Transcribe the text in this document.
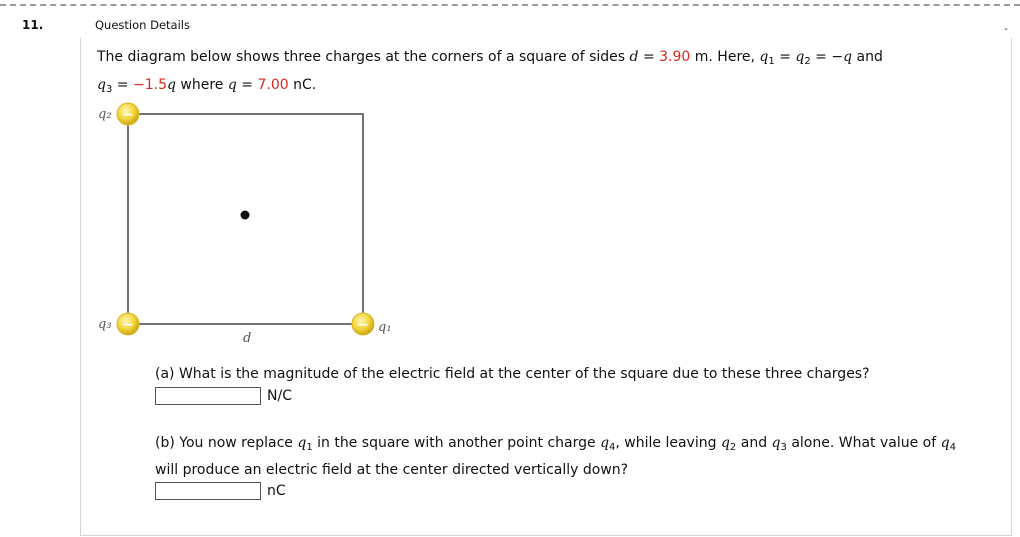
11.	Question Details	-
The diagram below shows three charges at the corners of a square of sides d = 3.90 m. Here, $q_1 = q_2 = -q$ and
$q_3 = -1.5q$ where q = 7.00 nC.
−
−	−
q₂
q₃	q₁
d
(a) What is the magnitude of the electric field at the center of the square due to these three charges?
N/C
(b) You now replace $q_1$ in the square with another point charge $q_4$, while leaving $q_2$ and $q_3$ alone. What value of $q_4$
will produce an electric field at the center directed vertically down?
nC
